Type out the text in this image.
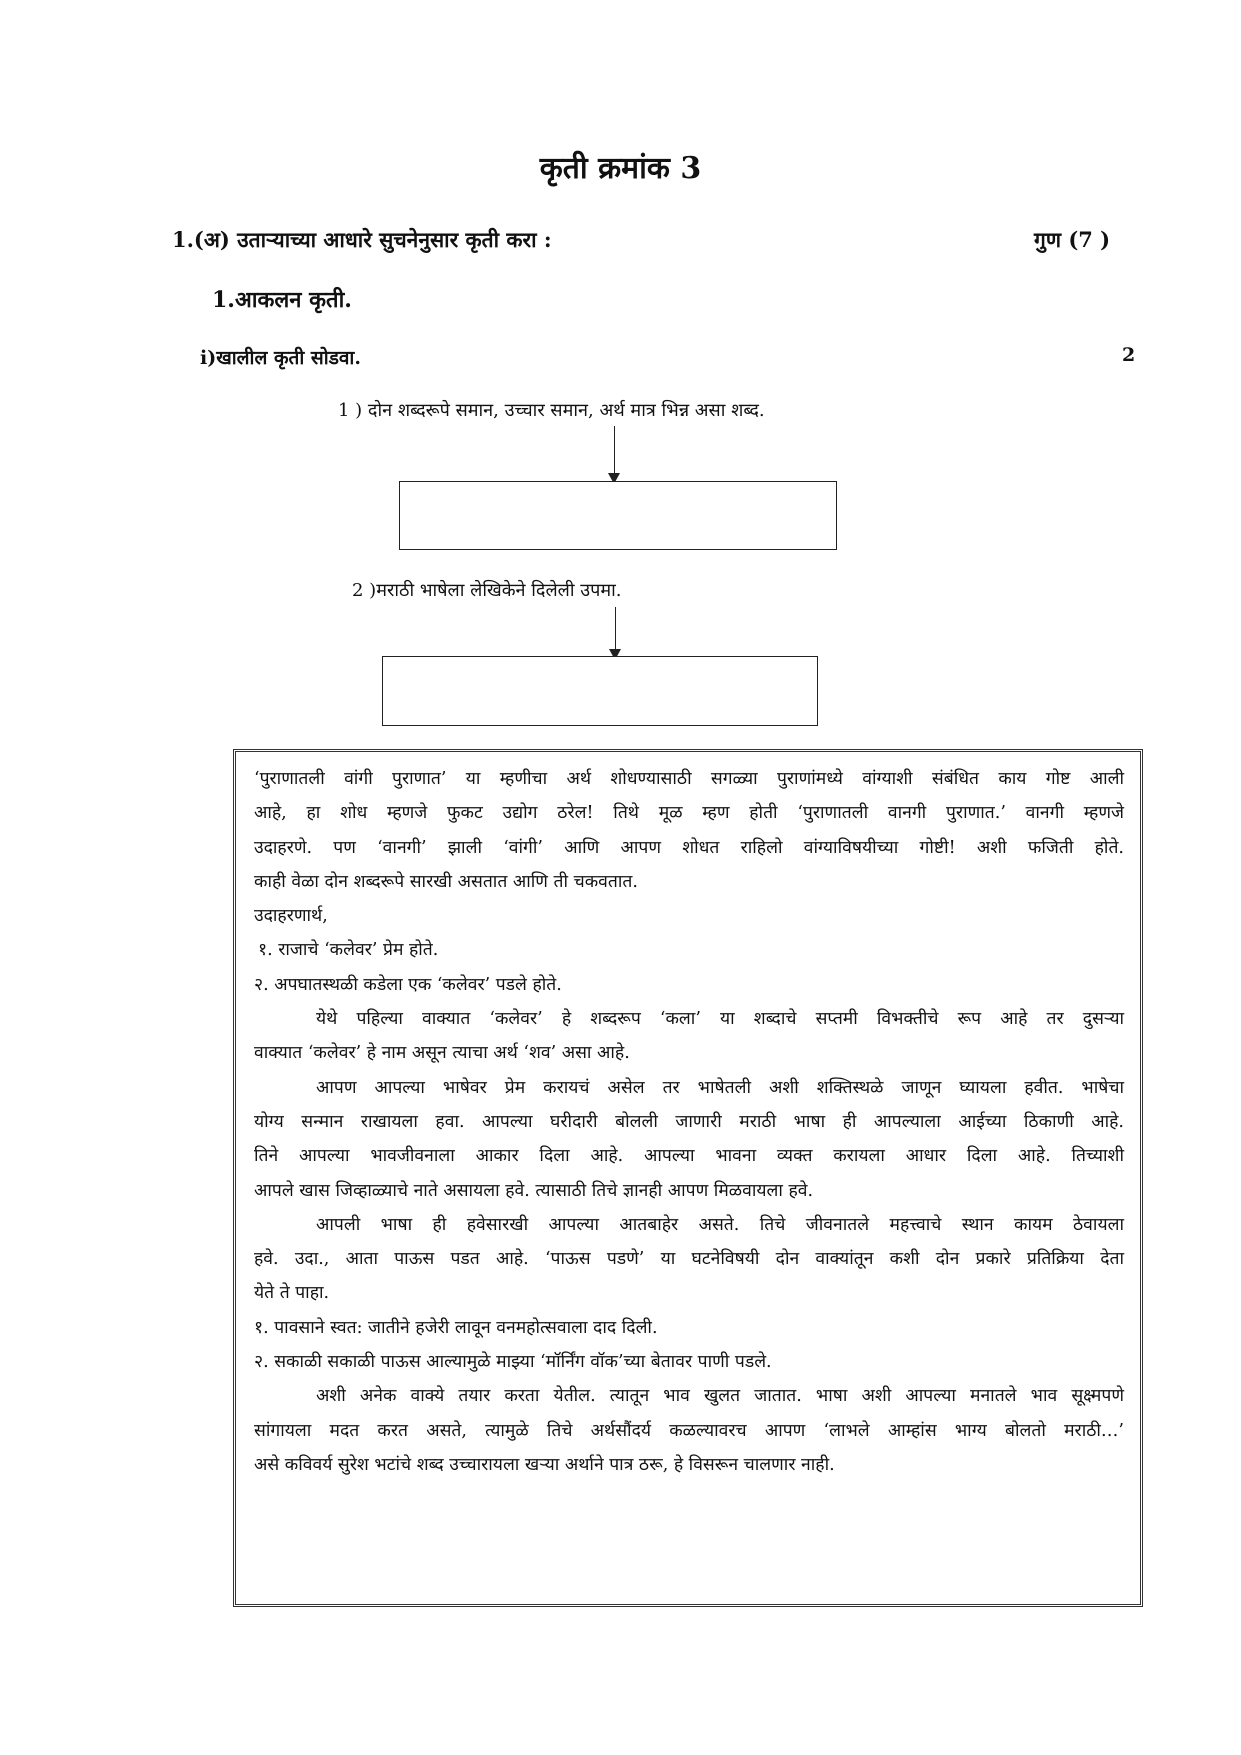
कृती क्रमांक 3
1.(अ) उताऱ्याच्या आधारे सुचनेनुसार कृती करा :	गुण (7 )
1.आकलन कृती.
i)खालील कृती सोडवा.	2
1 ) दोन शब्दरूपे समान, उच्चार समान, अर्थ मात्र भिन्न असा शब्द.
2 )मराठी भाषेला लेखिकेने दिलेली उपमा.

‘पुराणातली वांगी पुराणात’ या म्हणीचा अर्थ शोधण्यासाठी सगळ्या पुराणांमध्ये वांग्याशी संबंधित काय गोष्ट आली

आहे, हा शोध म्हणजे फुकट उद्योग ठरेल! तिथे मूळ म्हण होती ‘पुराणातली वानगी पुराणात.’ वानगी म्हणजे

उदाहरणे. पण ‘वानगी’ झाली ‘वांगी’ आणि आपण शोधत राहिलो वांग्याविषयीच्या गोष्टी! अशी फजिती होते.

काही वेळा दोन शब्दरूपे सारखी असतात आणि ती चकवतात.

उदाहरणार्थ,

१. राजाचे ‘कलेवर’ प्रेम होते.

२. अपघातस्थळी कडेला एक ‘कलेवर’ पडले होते.

येथे पहिल्या वाक्यात ‘कलेवर’ हे शब्दरूप ‘कला’ या शब्दाचे सप्तमी विभक्तीचे रूप आहे तर दुसऱ्या

वाक्यात ‘कलेवर’ हे नाम असून त्याचा अर्थ ‘शव’ असा आहे.

आपण आपल्या भाषेवर प्रेम करायचं असेल तर भाषेतली अशी शक्तिस्थळे जाणून घ्यायला हवीत. भाषेचा

योग्य सन्मान राखायला हवा. आपल्या घरीदारी बोलली जाणारी मराठी भाषा ही आपल्याला आईच्या ठिकाणी आहे.

तिने आपल्या भावजीवनाला आकार दिला आहे. आपल्या भावना व्यक्त करायला आधार दिला आहे. तिच्याशी

आपले खास जिव्हाळ्याचे नाते असायला हवे. त्यासाठी तिचे ज्ञानही आपण मिळवायला हवे.

आपली भाषा ही हवेसारखी आपल्या आतबाहेर असते. तिचे जीवनातले महत्त्वाचे स्थान कायम ठेवायला

हवे. उदा., आता पाऊस पडत आहे. ‘पाऊस पडणे’ या घटनेविषयी दोन वाक्यांतून कशी दोन प्रकारे प्रतिक्रिया देता

येते ते पाहा.

१. पावसाने स्वत: जातीने हजेरी लावून वनमहोत्सवाला दाद दिली.

२. सकाळी सकाळी पाऊस आल्यामुळे माझ्या ‘मॉर्निंग वॉक’च्या बेतावर पाणी पडले.

अशी अनेक वाक्ये तयार करता येतील. त्यातून भाव खुलत जातात. भाषा अशी आपल्या मनातले भाव सूक्ष्मपणे

सांगायला मदत करत असते, त्यामुळे तिचे अर्थसौंदर्य कळल्यावरच आपण ‘लाभले आम्हांस भाग्य बोलतो मराठी…’

असे कविवर्य सुरेश भटांचे शब्द उच्चारायला खऱ्या अर्थाने पात्र ठरू, हे विसरून चालणार नाही.
